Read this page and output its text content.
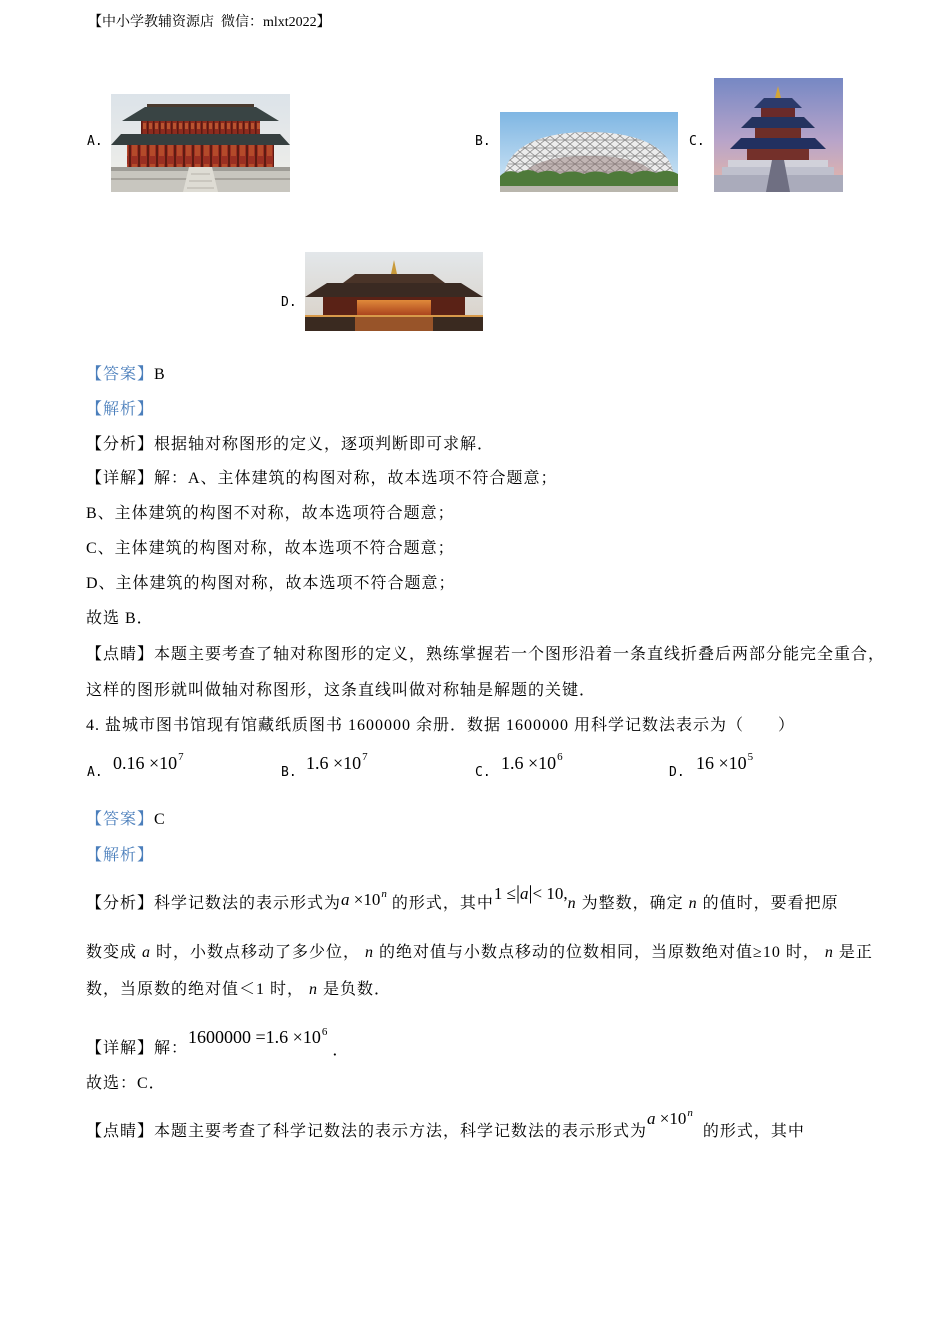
【中小学教辅资源店  微信：mlxt2022】
A.	B.	C.
D.
【答案】B
【解析】
【分析】根据轴对称图形的定义，逐项判断即可求解．
【详解】解：A、主体建筑的构图对称，故本选项不符合题意；
B、主体建筑的构图不对称，故本选项符合题意；
C、主体建筑的构图对称，故本选项不符合题意；
D、主体建筑的构图对称，故本选项不符合题意；
故选 B．
【点睛】本题主要考查了轴对称图形的定义，熟练掌握若一个图形沿着一条直线折叠后两部分能完全重合，
这样的图形就叫做轴对称图形，这条直线叫做对称轴是解题的关键．
4. 盐城市图书馆现有馆藏纸质图书 1600000 余册．数据 1600000 用科学记数法表示为（　　）
A. $0.16 \times 10^7$
B. $1.6 \times 10^7$
C. $1.6 \times 10^6$
D. $16 \times 10^5$
【答案】C
【解析】
【分析】科学记数法的表示形式为$a \times 10^n$ 的形式，其中1 ≤|a|< 10,n 为整数，确定 n 的值时，要看把原
数变成 a 时，小数点移动了多少位， n 的绝对值与小数点移动的位数相同，当原数绝对值≥10 时， n 是正
数，当原数的绝对值＜1 时， n 是负数．
【详解】解：$1600000 =1.6 \times 10^6$ ．
故选：C．
【点睛】本题主要考查了科学记数法的表示方法，科学记数法的表示形式为$a \times 10^n$  的形式，其中
